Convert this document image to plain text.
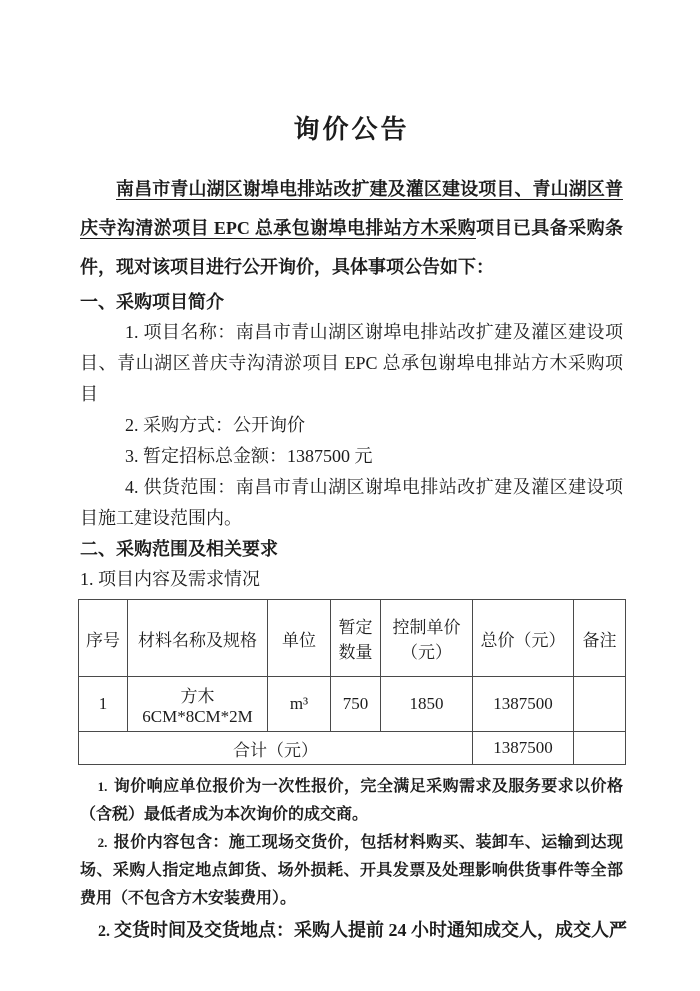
询价公告

南昌市青山湖区谢埠电排站改扩建及灌区建设项目、青山湖区普庆寺沟清淤项目 EPC 总承包谢埠电排站方木采购项目已具备采购条件，现对该项目进行公开询价，具体事项公告如下：

一、采购项目简介

1. 项目名称：南昌市青山湖区谢埠电排站改扩建及灌区建设项目、青山湖区普庆寺沟清淤项目 EPC 总承包谢埠电排站方木采购项目

2. 采购方式：公开询价

3. 暂定招标总金额：1387500 元

4. 供货范围：南昌市青山湖区谢埠电排站改扩建及灌区建设项目施工建设范围内。

二、采购范围及相关要求

1. 项目内容及需求情况

序号	材料名称及规格	单位	暂定数量	控制单价（元）	总价（元）	备注
1	方木 6CM*8CM*2M	m³	750	1850	1387500	
合计（元）					1387500	

1. 询价响应单位报价为一次性报价，完全满足采购需求及服务要求以价格（含税）最低者成为本次询价的成交商。

2. 报价内容包含：施工现场交货价，包括材料购买、装卸车、运输到达现场、采购人指定地点卸货、场外损耗、开具发票及处理影响供货事件等全部费用（不包含方木安装费用）。

2. 交货时间及交货地点：采购人提前 24 小时通知成交人，成交人严
